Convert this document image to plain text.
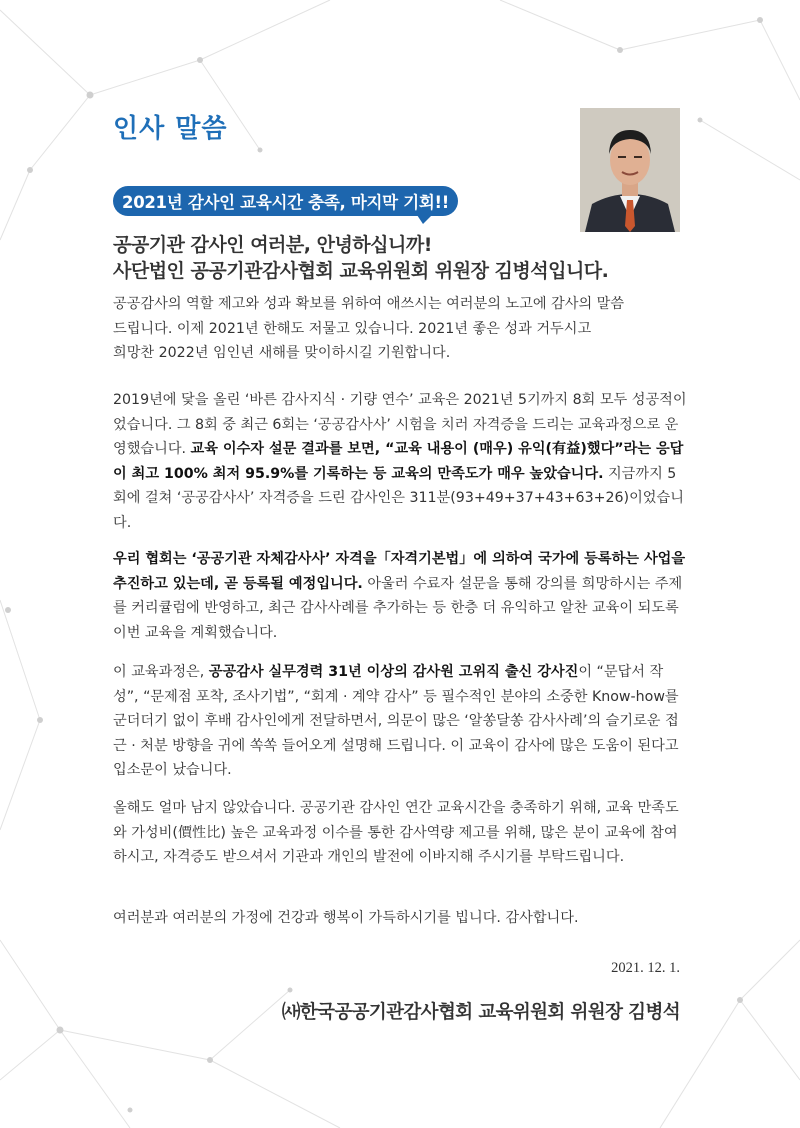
인사 말씀
2021년 감사인 교육시간 충족, 마지막 기회!!
공공기관 감사인 여러분, 안녕하십니까!
사단법인 공공기관감사협회 교육위원회 위원장 김병석입니다.

공공감사의 역할 제고와 성과 확보를 위하여 애쓰시는 여러분의 노고에 감사의 말씀

드립니다. 이제 2021년 한해도 저물고 있습니다. 2021년 좋은 성과 거두시고

희망찬 2022년 임인년 새해를 맞이하시길 기원합니다.

2019년에 닻을 올린 ‘바른 감사지식 · 기량 연수’ 교육은 2021년 5기까지 8회 모두 성공적이었습니다. 그 8회 중 최근 6회는 ‘공공감사사’ 시험을 치러 자격증을 드리는 교육과정으로 운영했습니다. 교육 이수자 설문 결과를 보면, “교육 내용이 (매우) 유익(有益)했다”라는 응답이 최고 100% 최저 95.9%를 기록하는 등 교육의 만족도가 매우 높았습니다. 지금까지 5회에 걸쳐 ‘공공감사사’ 자격증을 드린 감사인은 311분(93+49+37+43+63+26)이었습니다.

우리 협회는 ‘공공기관 자체감사사’ 자격을「자격기본법」에 의하여 국가에 등록하는 사업을 추진하고 있는데, 곧 등록될 예정입니다. 아울러 수료자 설문을 통해 강의를 희망하시는 주제를 커리큘럼에 반영하고, 최근 감사사례를 추가하는 등 한층 더 유익하고 알찬 교육이 되도록 이번 교육을 계획했습니다.

이 교육과정은, 공공감사 실무경력 31년 이상의 감사원 고위직 출신 강사진이 “문답서 작성”, “문제점 포착, 조사기법”, “회계 · 계약 감사” 등 필수적인 분야의 소중한 Know-how를 군더더기 없이 후배 감사인에게 전달하면서, 의문이 많은 ‘알쏭달쏭 감사사례’의 슬기로운 접근 · 처분 방향을 귀에 쏙쏙 들어오게 설명해 드립니다. 이 교육이 감사에 많은 도움이 된다고 입소문이 났습니다.

올해도 얼마 남지 않았습니다. 공공기관 감사인 연간 교육시간을 충족하기 위해, 교육 만족도와 가성비(價性比) 높은 교육과정 이수를 통한 감사역량 제고를 위해, 많은 분이 교육에 참여하시고, 자격증도 받으셔서 기관과 개인의 발전에 이바지해 주시기를 부탁드립니다.

여러분과 여러분의 가정에 건강과 행복이 가득하시기를 빕니다. 감사합니다.

2021. 12. 1.
㈔한국공공기관감사협회 교육위원회 위원장 김병석
